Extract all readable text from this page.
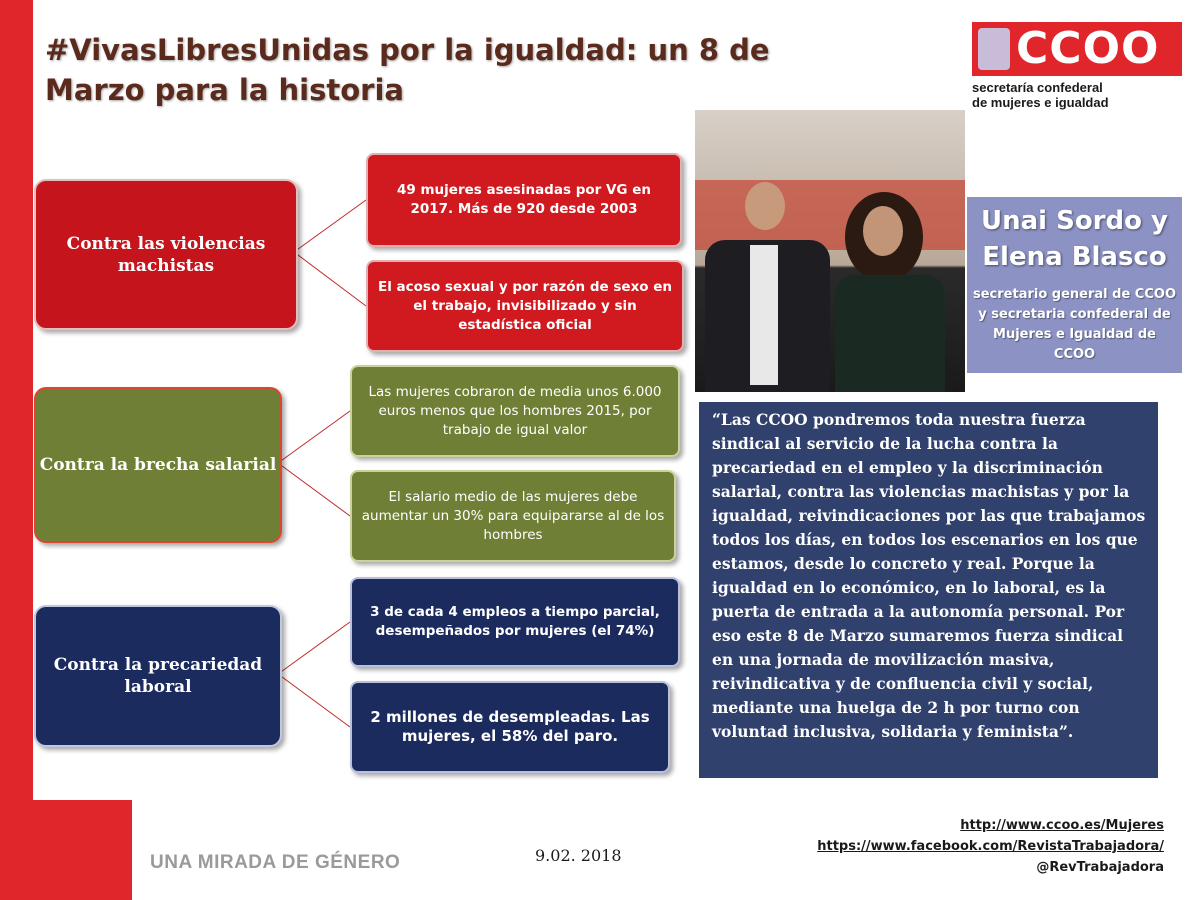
#VivasLibresUnidas por la igualdad: un 8 de Marzo para la historia
CCOO
secretaría confederal
de mujeres e igualdad
Contra las violencias machistas
49 mujeres asesinadas por VG en 2017. Más de 920 desde 2003
El acoso sexual y por razón de sexo en el trabajo, invisibilizado y sin estadística oficial
Contra la brecha salarial
Las mujeres cobraron de media unos 6.000 euros menos que los hombres 2015, por trabajo de igual valor
El salario medio de las mujeres debe aumentar un 30% para equipararse al de los hombres
Contra la precariedad laboral
3 de cada 4 empleos a tiempo parcial, desempeñados por mujeres (el 74%)
2 millones de desempleadas. Las mujeres, el 58% del paro.
Unai Sordo y Elena Blasco
secretario general de CCOO y secretaria confederal de Mujeres e Igualdad de CCOO
“Las CCOO pondremos toda nuestra fuerza sindical al servicio de la lucha contra la precariedad en el empleo y la discriminación salarial, contra las violencias machistas y por la igualdad, reivindicaciones por las que trabajamos todos los días, en todos los escenarios en los que estamos, desde lo concreto y real. Porque la igualdad en lo económico, en lo laboral, es la puerta de entrada a la autonomía personal. Por eso este 8 de Marzo sumaremos fuerza sindical en una jornada de movilización masiva, reivindicativa y de confluencia civil y social, mediante una huelga de 2 h por turno con voluntad inclusiva, solidaria y feminista”.
UNA MIRADA DE GÉNERO	9.02. 2018
http://www.ccoo.es/Mujeres
https://www.facebook.com/RevistaTrabajadora/
@RevTrabajadora
